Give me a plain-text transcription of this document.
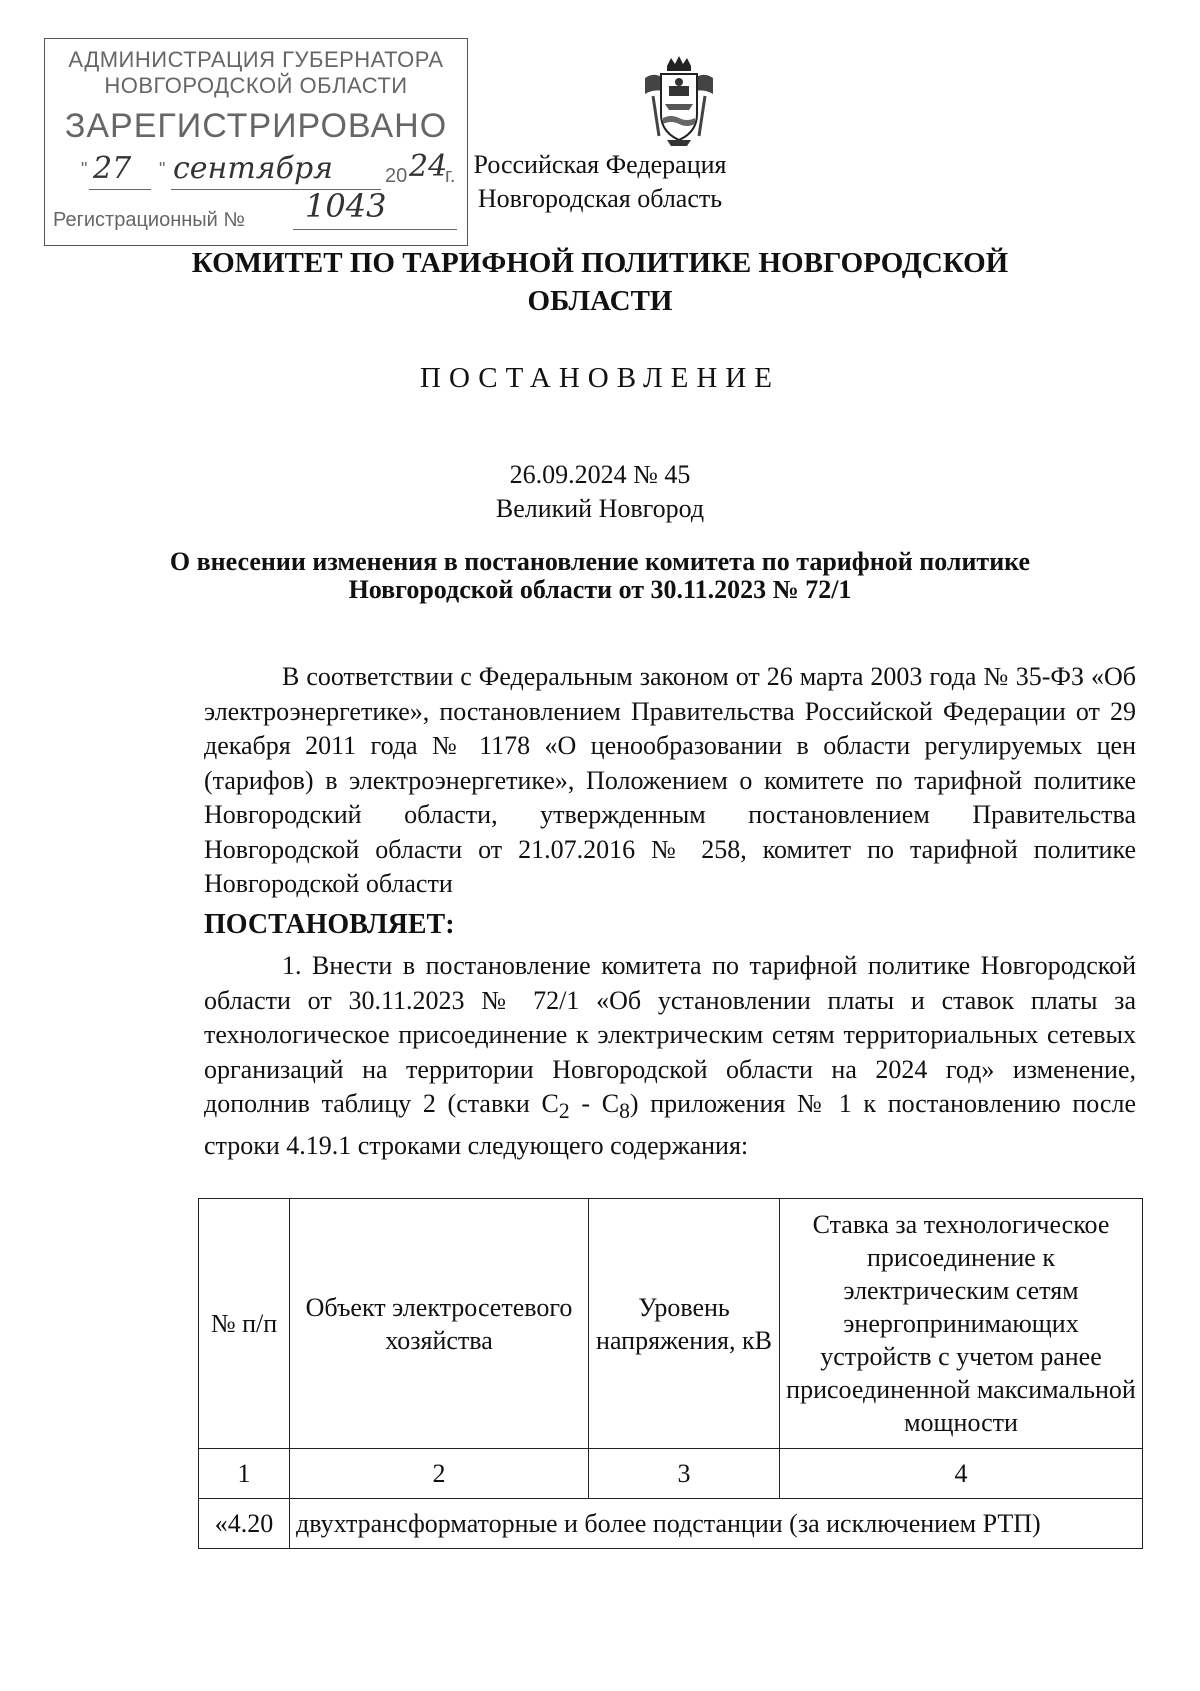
АДМИНИСТРАЦИЯ ГУБЕРНАТОРА
НОВГОРОДСКОЙ ОБЛАСТИ
ЗАРЕГИСТРИРОВАНО
" 27 " сентября	20 24
г.
Регистрационный № 1043
Российская Федерация
Новгородская область
КОМИТЕТ ПО ТАРИФНОЙ ПОЛИТИКЕ НОВГОРОДСКОЙ
ОБЛАСТИ
ПОСТАНОВЛЕНИЕ
26.09.2024 № 45
Великий Новгород
О внесении изменения в постановление комитета по тарифной политике
Новгородской области от 30.11.2023 № 72/1
В соответствии с Федеральным законом от 26 марта 2003 года № 35-ФЗ «Об электроэнергетике», постановлением Правительства Российской Федерации от 29 декабря 2011 года № 1178 «О ценообразовании в области регулируемых цен (тарифов) в электроэнергетике», Положением о комитете по тарифной политике Новгородский области, утвержденным постановлением Правительства Новгородской области от 21.07.2016 № 258, комитет по тарифной политике Новгородской области
ПОСТАНОВЛЯЕТ:
1. Внести в постановление комитета по тарифной политике Новгородской области от 30.11.2023 № 72/1 «Об установлении платы и ставок платы за технологическое присоединение к электрическим сетям территориальных сетевых организаций на территории Новгородской области на 2024 год» изменение, дополнив таблицу 2 (ставки $С_2 - С_8$) приложения № 1 к постановлению после строки 4.19.1 строками следующего содержания:
№ п/п	Объект электросетевого хозяйства	Уровень напряжения, кВ	Ставка за технологическое присоединение к электрическим сетям энергопринимающих устройств с учетом ранее присоединенной максимальной мощности
1	2	3	4
«4.20	двухтрансформаторные и более подстанции (за исключением РТП)		
